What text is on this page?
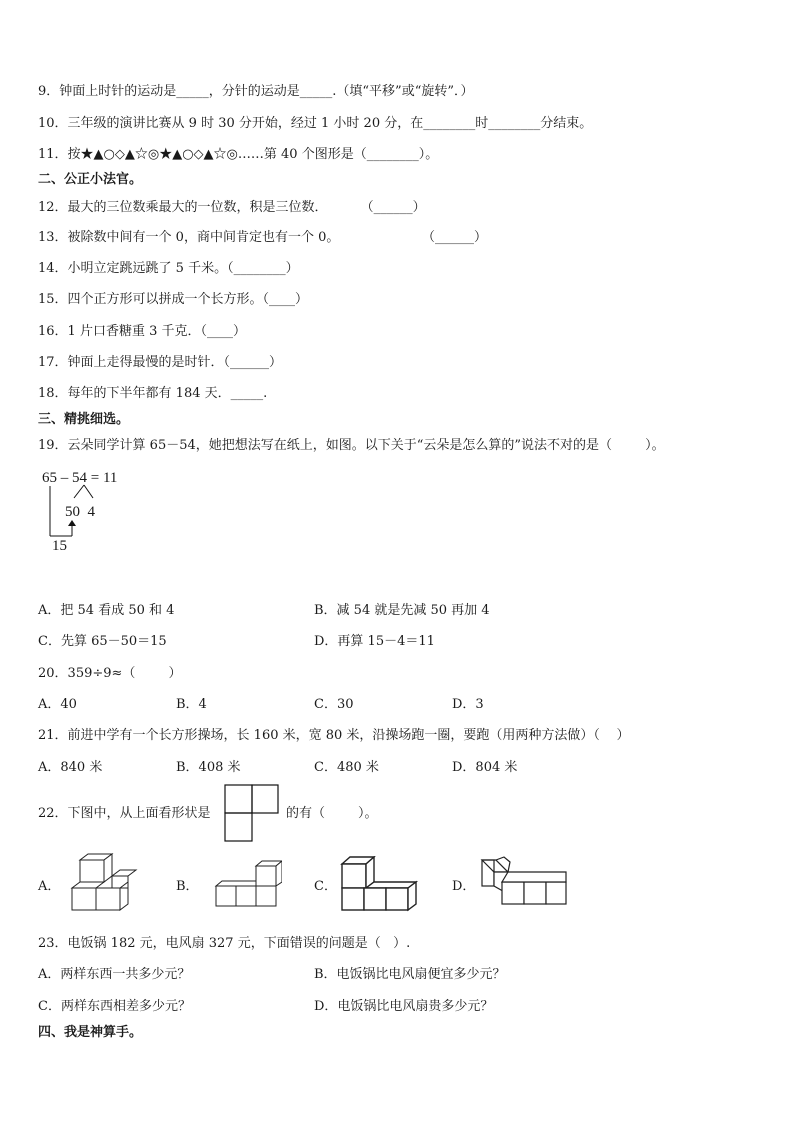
9．钟面上时针的运动是_____，分针的运动是_____.（填“平移”或“旋转”．）
10．三年级的演讲比赛从 9 时 30 分开始，经过 1 小时 20 分，在________时________分结束。
11．按★▲○◇▲☆◎★▲○◇▲☆◎……第 40 个图形是（________）。
二、公正小法官。
12．最大的三位数乘最大的一位数，积是三位数．        （______）
13．被除数中间有一个 0，商中间肯定也有一个 0。                    （______）
14．小明立定跳远跳了 5 千米。（________）
15．四个正方形可以拼成一个长方形。（____）
16．1 片口香糖重 3 千克．（____）
17．钟面上走得最慢的是时针．（______）
18．每年的下半年都有 184 天．_____.
三、精挑细选。
19．云朵同学计算 65－54，她把想法写在纸上，如图。以下关于“云朵是怎么算的”说法不对的是（        ）。
65 – 54 = 11
50  4
15
A．把 54 看成 50 和 4	B．减 54 就是先减 50 再加 4
C．先算 65－50＝15	D．再算 15－4＝11
20．359÷9≈（        ）
A．40	B．4	C．30	D．3
21．前进中学有一个长方形操场，长 160 米，宽 80 米，沿操场跑一圈，要跑（用两种方法做）（    ）
A．840 米	B．408 米	C．480 米	D．804 米
22．下图中，从上面看形状是	的有（        ）。
A．	B．	C．	D．
23．电饭锅 182 元，电风扇 327 元，下面错误的问题是（   ）.
A．两样东西一共多少元？	B．电饭锅比电风扇便宜多少元？
C．两样东西相差多少元？	D．电饭锅比电风扇贵多少元？
四、我是神算手。
